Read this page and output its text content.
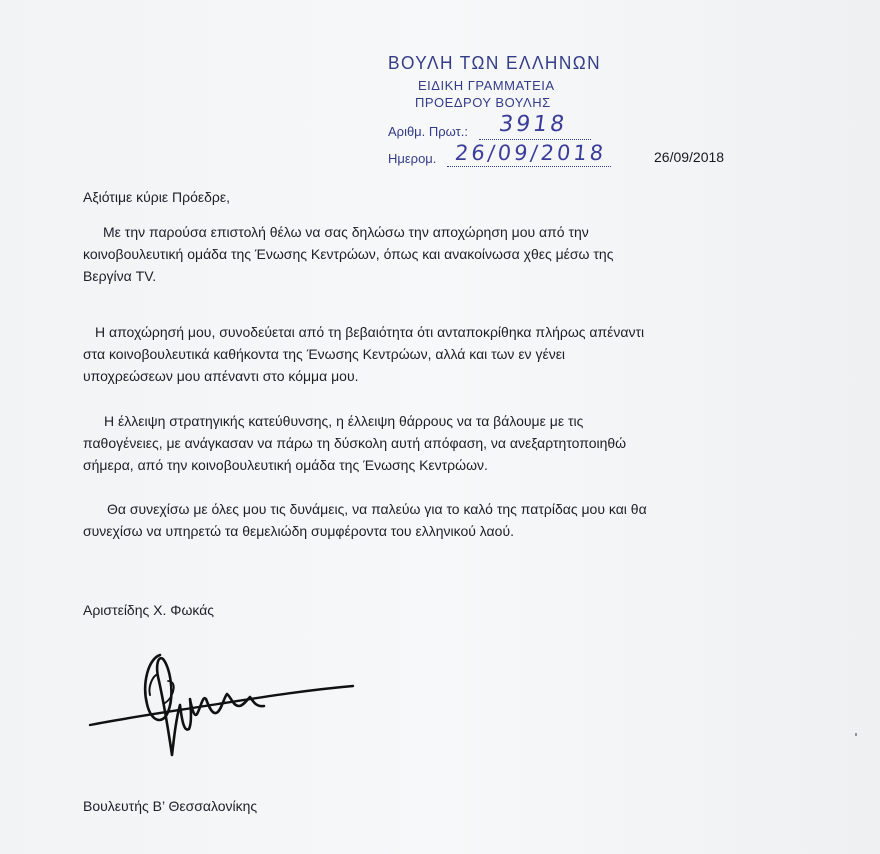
ΒΟΥΛΗ ΤΩΝ ΕΛΛΗΝΩΝ
ΕΙΔΙΚΗ ΓΡΑΜΜΑΤΕΙΑ
ΠΡΟΕΔΡΟΥ ΒΟΥΛΗΣ
Αριθμ. Πρωτ.: 3918
Ημερομ. 26/09/2018	26/09/2018
Αξιότιμε κύριε Πρόεδρε,
Με την παρούσα επιστολή θέλω να σας δηλώσω την αποχώρηση μου από την
κοινοβουλευτική ομάδα της Ένωσης Κεντρώων, όπως και ανακοίνωσα χθες μέσω της
Βεργίνα TV.
Η αποχώρησή μου, συνοδεύεται από τη βεβαιότητα ότι ανταποκρίθηκα πλήρως απέναντι
στα κοινοβουλευτικά καθήκοντα της Ένωσης Κεντρώων, αλλά και των εν γένει
υποχρεώσεων μου απέναντι στο κόμμα μου.
Η έλλειψη στρατηγικής κατεύθυνσης, η έλλειψη θάρρους να τα βάλουμε με τις
παθογένειες, με ανάγκασαν να πάρω τη δύσκολη αυτή απόφαση, να ανεξαρτητοποιηθώ
σήμερα, από την κοινοβουλευτική ομάδα της Ένωσης Κεντρώων.
Θα συνεχίσω με όλες μου τις δυνάμεις, να παλεύω για το καλό της πατρίδας μου και θα
συνεχίσω να υπηρετώ τα θεμελιώδη συμφέροντα του ελληνικού λαού.
Αριστείδης Χ. Φωκάς
Βουλευτής Β’ Θεσσαλονίκης
